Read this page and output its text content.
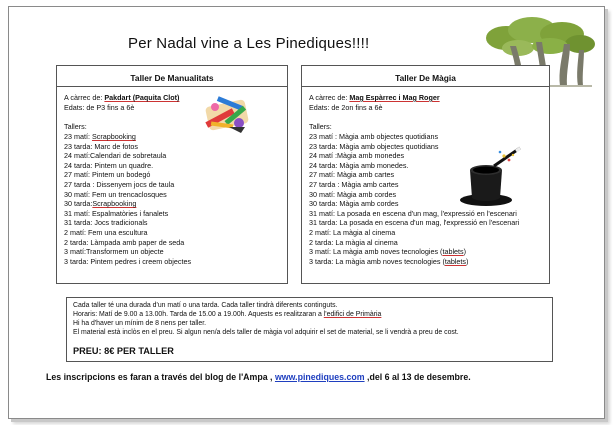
Per Nadal vine a Les Pinediques!!!!
Taller De Manualitats
A càrrec de: Pakdart (Paquita Clot)
Edats: de P3 fins a 6è
Tallers:
23 matí: Scrapbooking
23 tarda: Marc de fotos
24 matí:Calendari de sobretaula
24 tarda: Pintem un quadre.
27 matí: Pintem un bodegó
27 tarda : Dissenyem jocs de taula
30 matí: Fem un trencaclosques
30 tarda:Scrapbooking
31 matí: Espalmatòries i fanalets
31 tarda: Jocs tradicionals
2 matí: Fem una escultura
2 tarda: Làmpada amb paper de seda
3 matí:Transformem un objecte
3 tarda: Pintem pedres i creem objectes
Taller De Màgia
A càrrec de: Mag Espàrrec i Mag Roger
Edats: de 2on fins a 6è
Tallers:
23 matí : Màgia amb objectes quotidians
23 tarda: Màgia amb objectes quotidians
24 matí :Màgia amb monedes
24 tarda: Màgia amb monedes.
27 matí: Màgia amb cartes
27 tarda : Màgia amb cartes
30 matí: Màgia amb cordes
30 tarda: Màgia amb cordes
31 matí: La posada en escena d'un mag, l'expressió en l'escenari
31 tarda: La posada en escena d'un mag, l'expressió en l'escenari
2 matí: La màgia al cinema
2 tarda: La màgia al cinema
3 matí: La màgia amb noves tecnologies (tablets)
3 tarda: La màgia amb noves tecnologies (tablets)
Cada taller té una durada d'un matí o una tarda. Cada taller tindrà diferents continguts.
Horaris: Matí de 9.00 a 13.00h. Tarda de 15.00 a 19.00h. Aquests es realitzaran a l'edifici de Primària
Hi ha d'haver un mínim de 8 nens per taller.
El material està inclòs en el preu. Si algun nen/a dels taller de màgia vol adquirir el set de material, se li vendrà a preu de cost.
PREU: 8€ PER TALLER
Les inscripcions es faran a través del blog de l'Ampa , www.pinediques.com ,del 6 al 13 de desembre.
